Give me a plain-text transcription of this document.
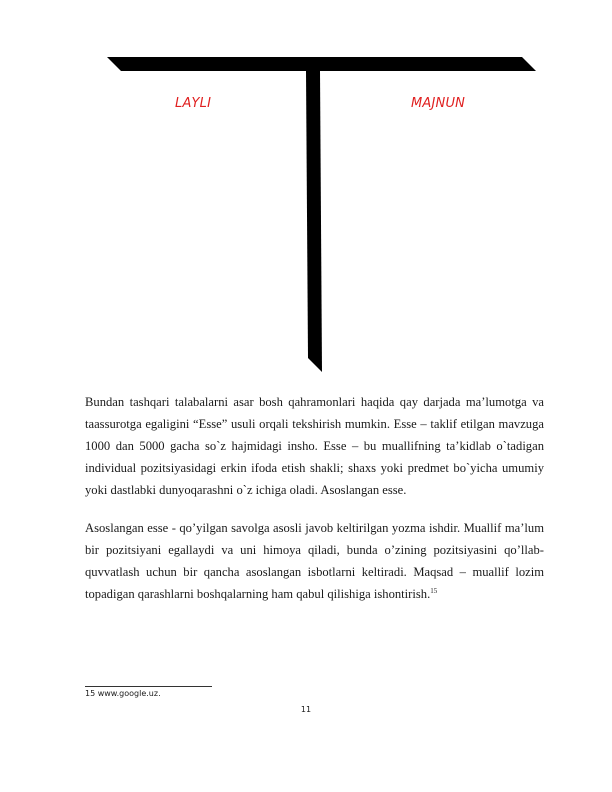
LAYLI	MAJNUN
Bundan tashqari talabalarni asar bosh qahramonlari haqida qay darjada ma’lumotga va taassurotga egaligini “Esse” usuli orqali tekshirish mumkin. Esse – taklif etilgan mavzuga 1000 dan 5000 gacha so`z hajmidagi insho. Esse – bu muallifning ta’kidlab o`tadigan individual pozitsiyasidagi erkin ifoda etish shakli; shaxs yoki predmet bo`yicha umumiy yoki dastlabki dunyoqarashni o`z ichiga oladi. Asoslangan esse.
Asoslangan esse - qo’yilgan savolga asosli javob keltirilgan yozma ishdir. Muallif ma’lum bir pozitsiyani egallaydi va uni himoya qiladi, bunda o’zining pozitsiyasini qo’llab-quvvatlash uchun bir qancha asoslangan isbotlarni keltiradi. Maqsad – muallif lozim topadigan qarashlarni boshqalarning ham qabul qilishiga ishontirish.$^{15}$
15 www.google.uz.
11
